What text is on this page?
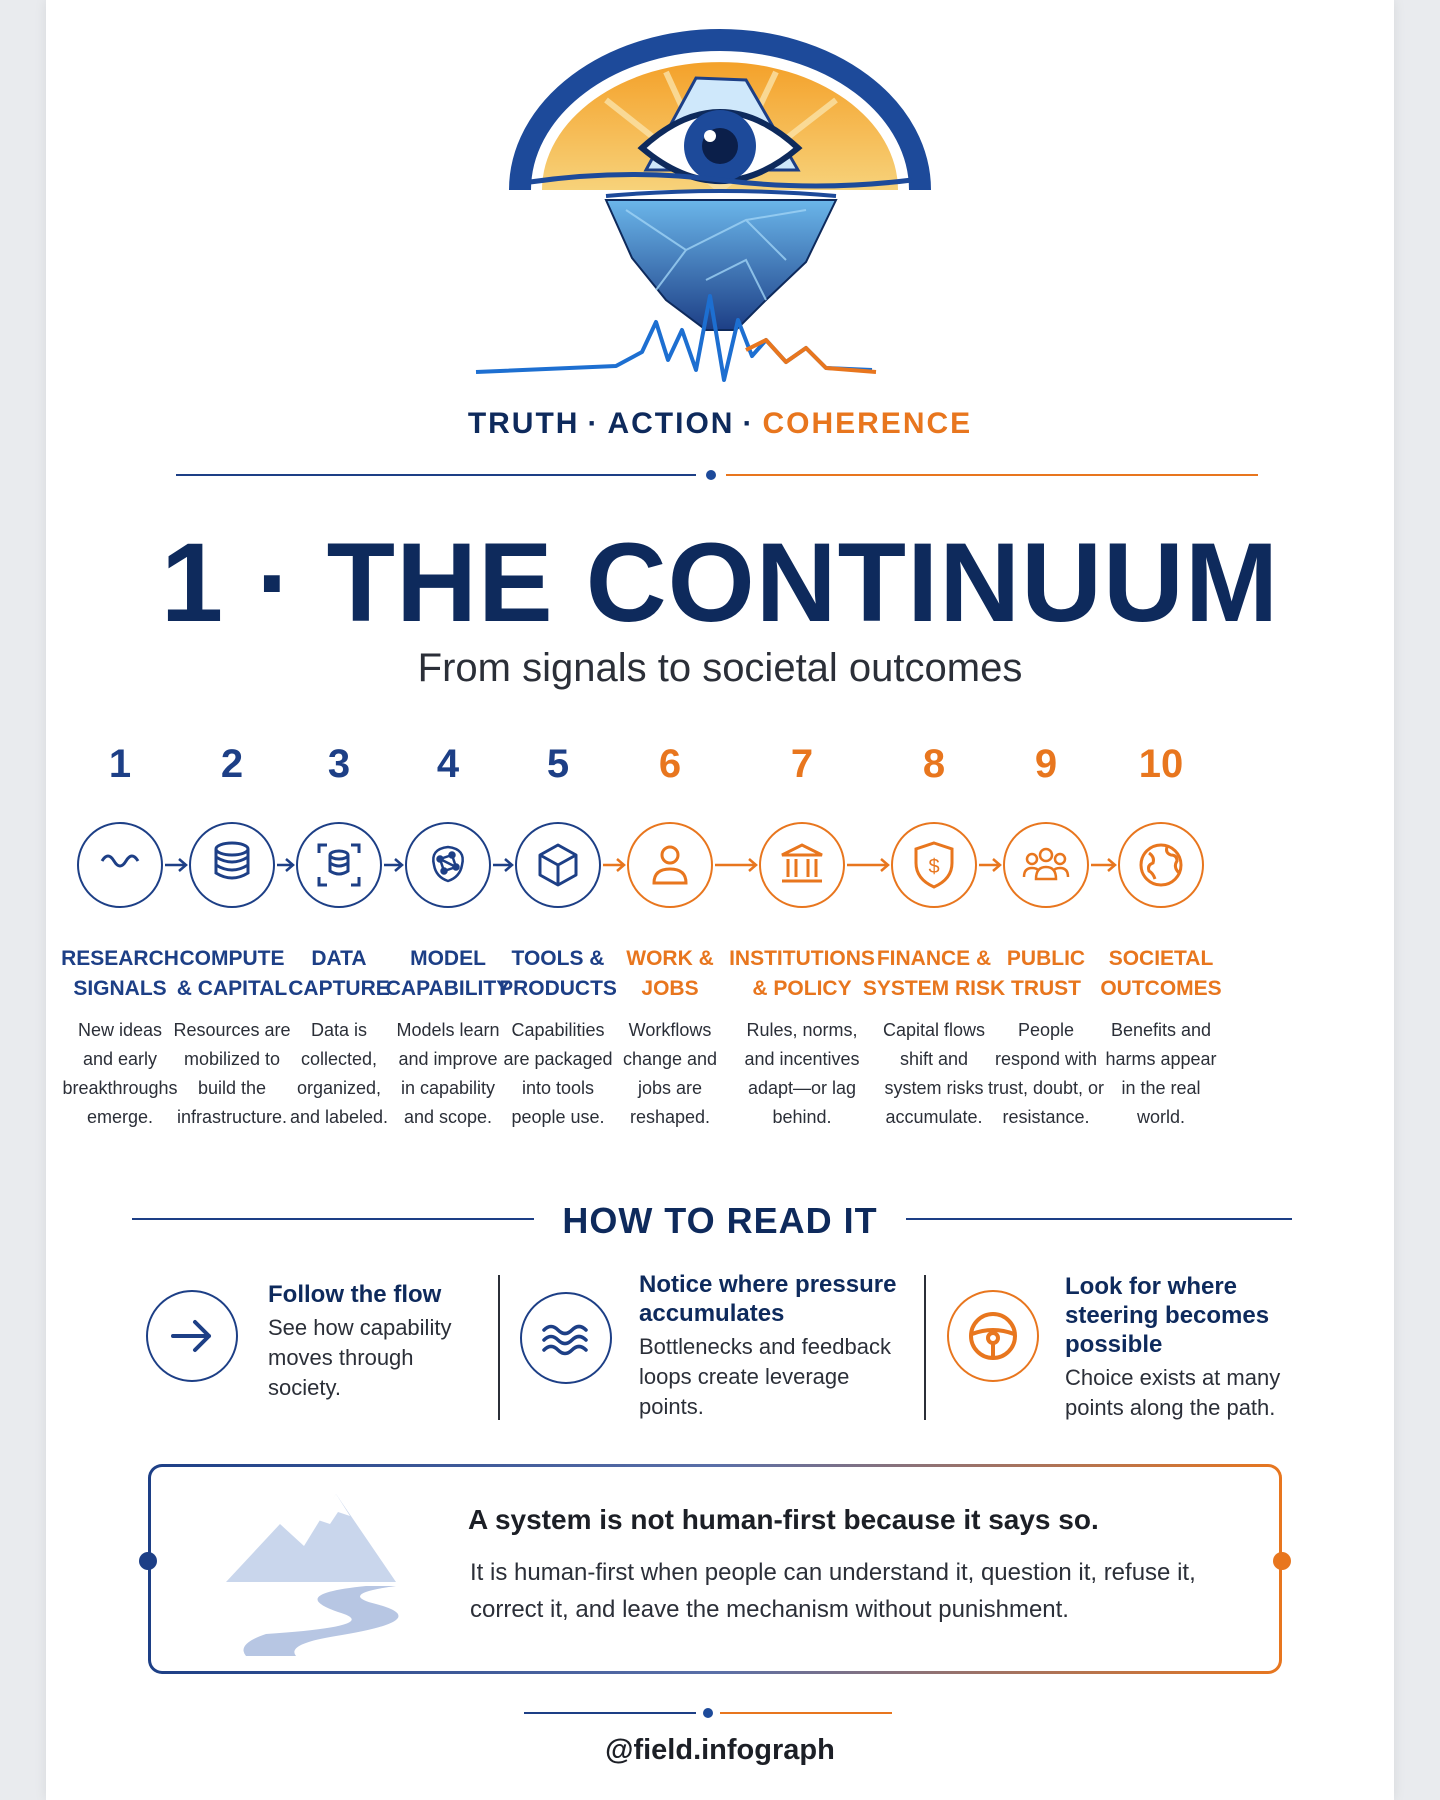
TRUTH · ACTION · COHERENCE
1 · THE CONTINUUM
From signals to societal outcomes
1
RESEARCH
SIGNALS
New ideas and early breakthroughs emerge.
2
COMPUTE
& CAPITAL
Resources are mobilized to build the infrastructure.
3
DATA
CAPTURE
Data is collected, organized, and labeled.
4
MODEL
CAPABILITY
Models learn and improve in capability and scope.
5
TOOLS &
PRODUCTS
Capabilities are packaged into tools people use.
6
WORK &
JOBS
Workflows change and jobs are reshaped.
7
INSTITUTIONS
& POLICY
Rules, norms, and incentives adapt—or lag behind.
8
$
FINANCE &
SYSTEM RISK
Capital flows shift and system risks accumulate.
9
PUBLIC
TRUST
People respond with trust, doubt, or resistance.
10
SOCIETAL
OUTCOMES
Benefits and harms appear in the real world.
HOW TO READ IT
Follow the flow
See how capability moves through society.
Notice where pressure accumulates
Bottlenecks and feedback loops create leverage points.
Look for where steering becomes possible
Choice exists at many points along the path.
A system is not human-first because it says so.
It is human-first when people can understand it, question it, refuse it, correct it, and leave the mechanism without punishment.
@field.infograph
